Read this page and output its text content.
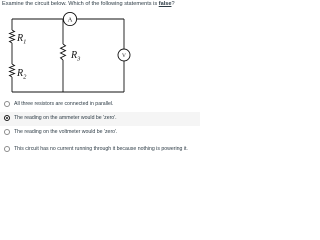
Examine the circuit below. Which of the following statements is false?
A
V
$R_1$
$R_3$
$R_2$
All three resistors are connected in parallel.
The reading on the ammeter would be 'zero'.
The reading on the voltmeter would be 'zero'.
This circuit has no current running through it because nothing is powering it.
